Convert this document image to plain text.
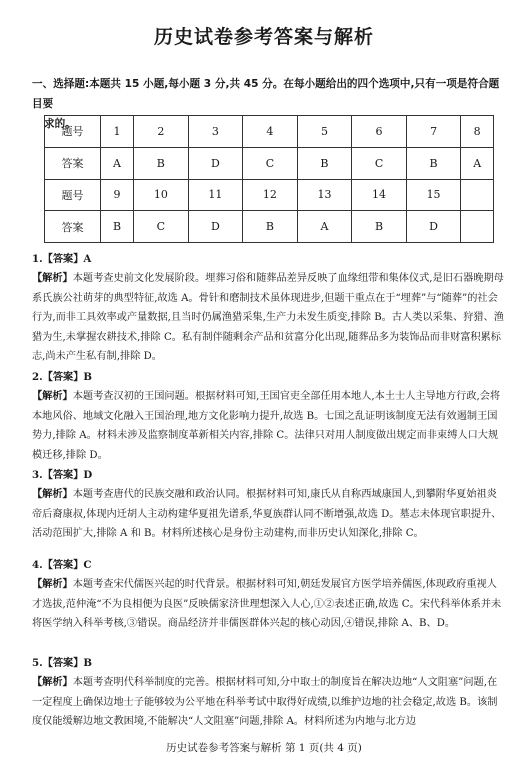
历史试卷参考答案与解析
一、选择题:本题共 15 小题,每小题 3 分,共 45 分。在每小题给出的四个选项中,只有一项是符合题目要
求的。
题号	1	2	3	4	5	6	7	8
答案	A	B	D	C	B	C	B	A
题号	9	10	11	12	13	14	15	
答案	B	C	D	B	A	B	D	
1.【答案】A

【解析】本题考查史前文化发展阶段。埋葬习俗和随葬品差异反映了血缘纽带和集体仪式,是旧石器晚期母系氏族公社萌芽的典型特征,故选 A。骨针和磨制技术虽体现进步,但题干重点在于“埋葬”与“随葬”的社会行为,而非工具效率或产量数据,且当时仍属渔猎采集,生产力未发生质变,排除 B。古人类以采集、狩猎、渔猎为生,未掌握农耕技术,排除 C。私有制伴随剩余产品和贫富分化出现,随葬品多为装饰品而非财富积累标志,尚未产生私有制,排除 D。

2.【答案】B

【解析】本题考查汉初的王国问题。根据材料可知,王国官吏全部任用本地人,本土士人主导地方行政,会将本地风俗、地域文化融入王国治理,地方文化影响力提升,故选 B。七国之乱证明该制度无法有效遏制王国势力,排除 A。材料未涉及监察制度革新相关内容,排除 C。法律只对用人制度做出规定而非束缚人口大规模迁移,排除 D。

3.【答案】D

【解析】本题考查唐代的民族交融和政治认同。根据材料可知,康氏从自称西域康国人,到攀附华夏始祖炎帝后裔康叔,体现内迁胡人主动构建华夏祖先谱系,华夏族群认同不断增强,故选 D。墓志未体现官职提升、活动范围扩大,排除 A 和 B。材料所述核心是身份主动建构,而非历史认知深化,排除 C。

4.【答案】C

【解析】本题考查宋代儒医兴起的时代背景。根据材料可知,朝廷发展官方医学培养儒医,体现政府重视人才选拔,范仲淹“不为良相便为良医”反映儒家济世理想深入人心,①②表述正确,故选 C。宋代科举体系并未将医学纳入科举考核,③错误。商品经济并非儒医群体兴起的核心动因,④错误,排除 A、B、D。

5.【答案】B

【解析】本题考查明代科举制度的完善。根据材料可知,分中取士的制度旨在解决边地“人文阻塞”问题,在一定程度上确保边地士子能够较为公平地在科举考试中取得好成绩,以维护边地的社会稳定,故选 B。该制度仅能缓解边地文教困境,不能解决“人文阻塞”问题,排除 A。材料所述为内地与北方边

历史试卷参考答案与解析 第 1 页(共 4 页)
